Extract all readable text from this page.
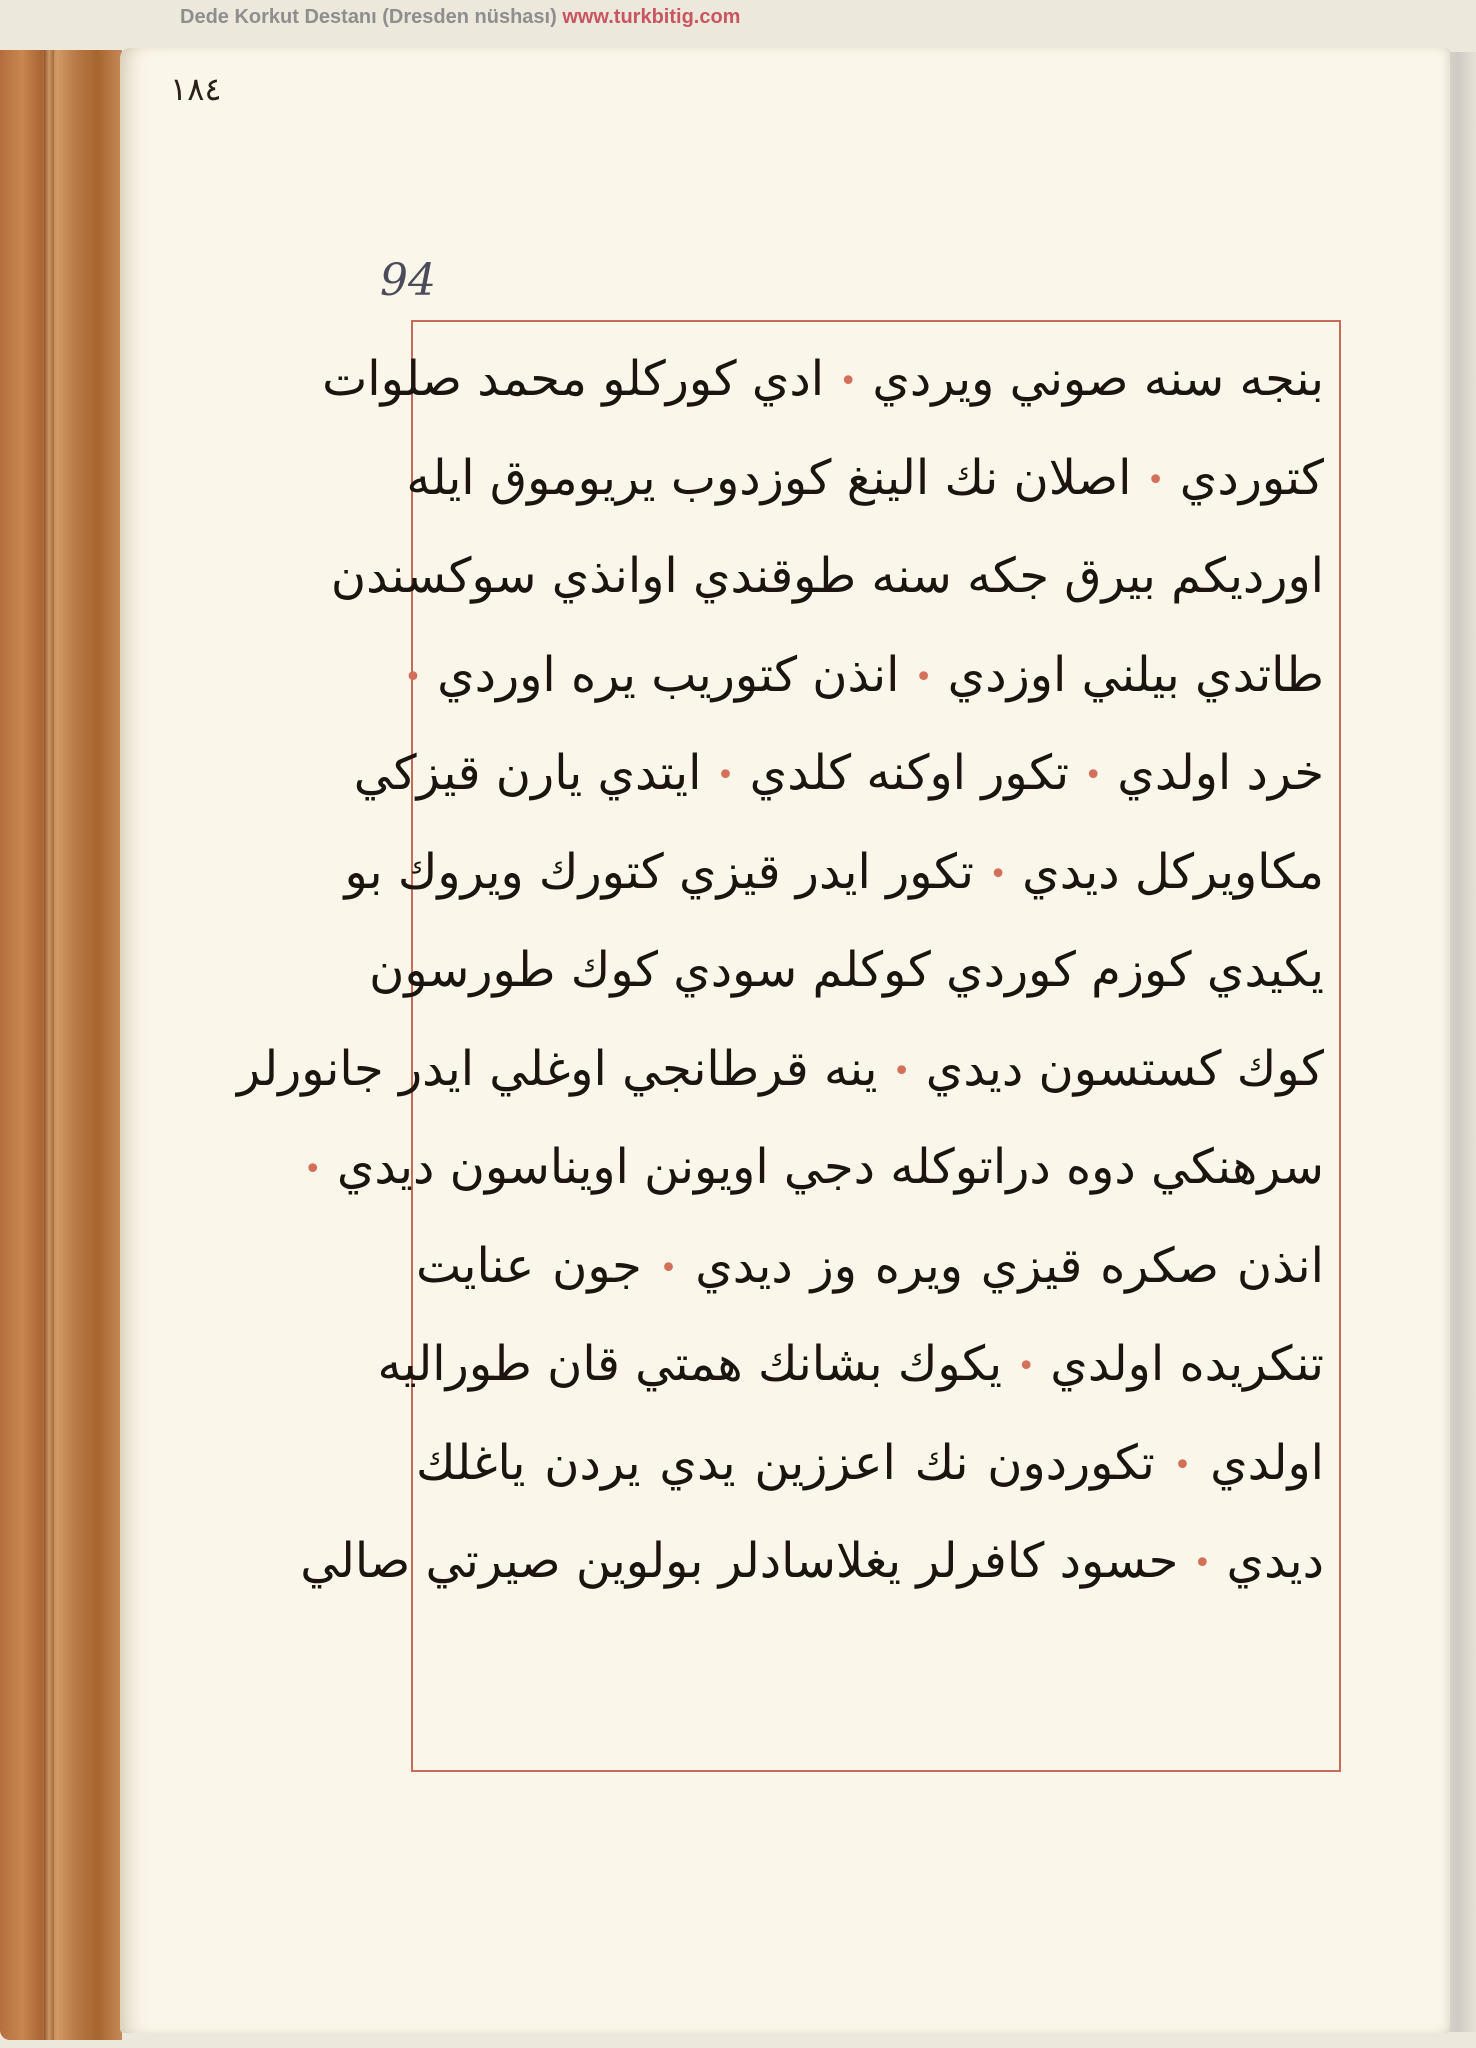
Dede Korkut Destanı (Dresden nüshası) www.turkbitig.com
١٨٤
94
بنجه سنه صوني ويردي • ادي كوركلو محمد صلوات
كتوردي • اصلان نك الينغ كوزدوب يريوموق ايله
اورديكم بيرق جكه سنه طوقندي اوانذي سوكسندن
طاتدي بيلني اوزدي • انذن كتوريب يره اوردي •
خرد اولدي • تكور اوكنه كلدي • ايتدي يارن قيزكي
مكاويركل ديدي • تكور ايدر قيزي كتورك ويروك بو
يكيدي كوزم كوردي كوكلم سودي كوك طورسون
كوك كستسون ديدي • ينه قرطانجي اوغلي ايدر جانورلر
سرهنكي دوه دراتوكله دجي اويونن اويناسون ديدي •
انذن صكره قيزي ويره وز ديدي • جون عنايت
تنكريده اولدي • يكوك بشانك همتي قان طوراليه
اولدي • تكوردون نك اعززين يدي يردن ياغلك
ديدي • حسود كافرلر يغلاسادلر بولوين صيرتي صالي
